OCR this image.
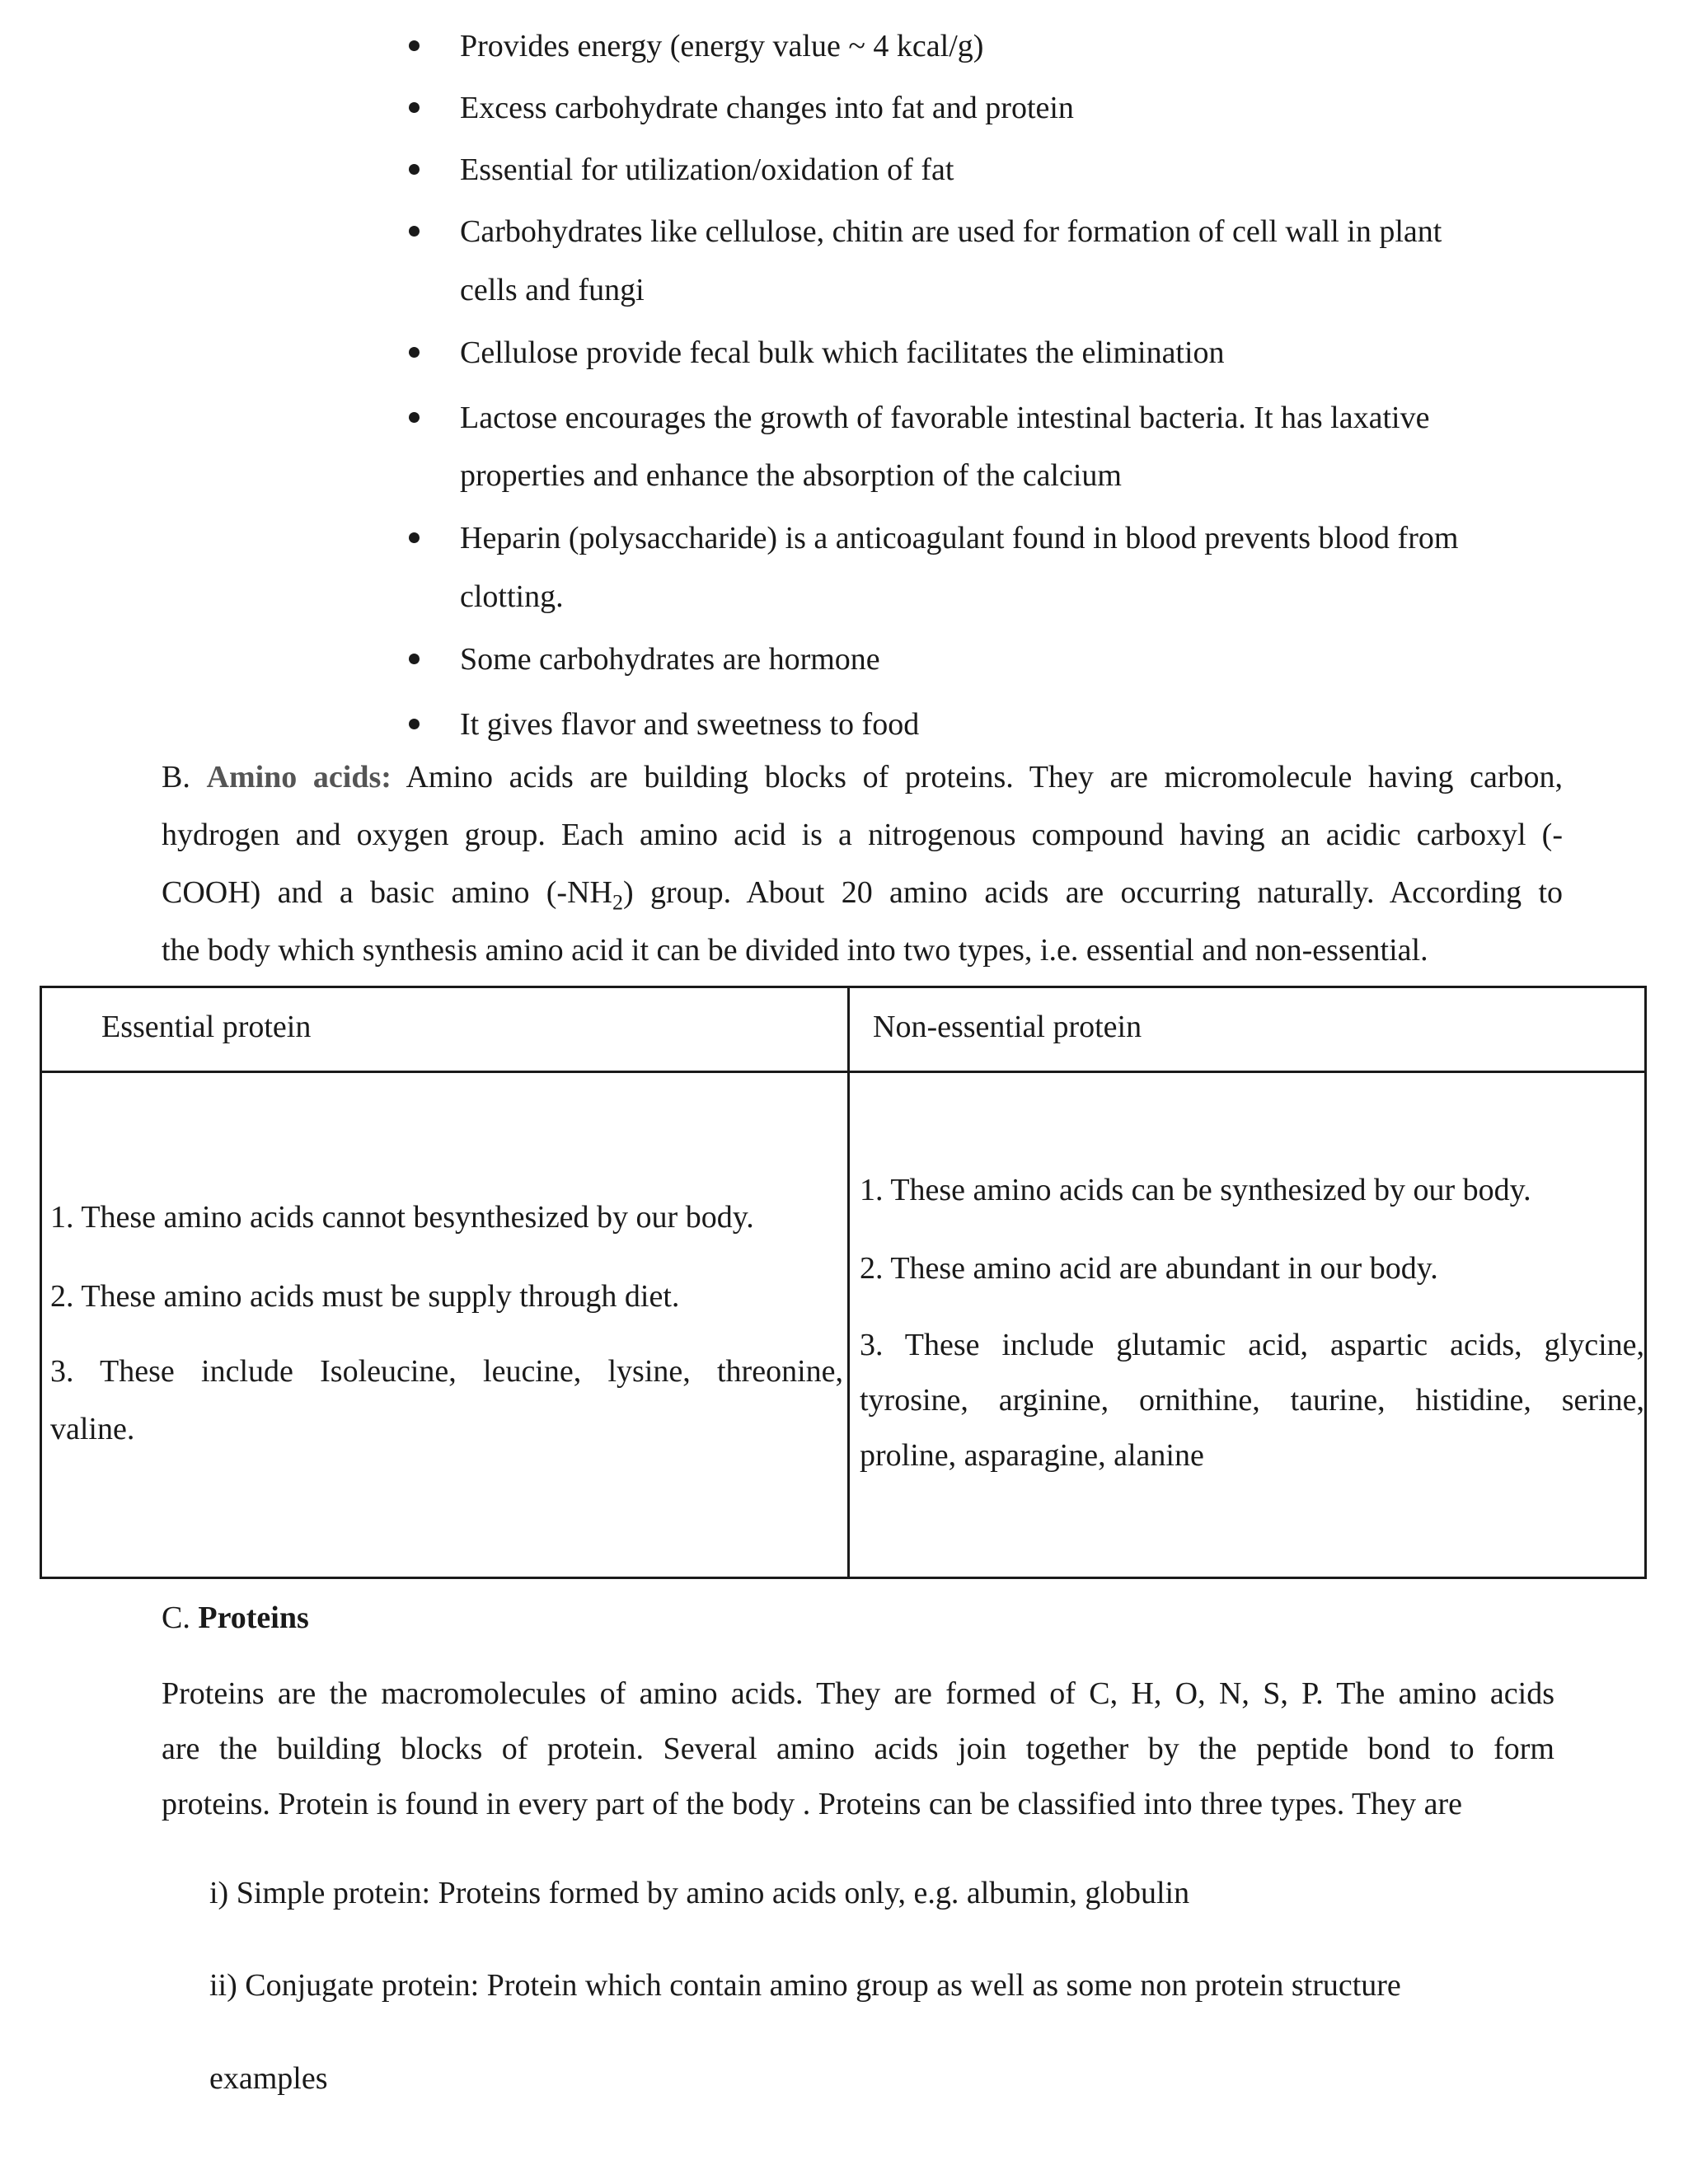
Provides energy (energy value ~ 4 kcal/g)
Excess carbohydrate changes into fat and protein
Essential for utilization/oxidation of fat
Carbohydrates like cellulose, chitin are used for formation of cell wall in plant
cells and fungi
Cellulose provide fecal bulk which facilitates the elimination
Lactose encourages the growth of favorable intestinal bacteria. It has laxative
properties and enhance the absorption of the calcium
Heparin (polysaccharide) is a anticoagulant found in blood prevents blood from
clotting.
Some carbohydrates are hormone
It gives flavor and sweetness to food
B. Amino acids: Amino acids are building blocks of proteins. They are micromolecule having carbon,
hydrogen and oxygen group. Each amino acid is a nitrogenous compound having an acidic carboxyl (-
COOH) and a basic amino $(-NH_2)$ group. About 20 amino acids are occurring naturally. According to
the body which synthesis amino acid it can be divided into two types, i.e. essential and non-essential.
Essential protein	Non-essential protein
1. These amino acids cannot besynthesized by our body.
2. These amino acids must be supply through diet.
3. These include Isoleucine, leucine, lysine, threonine,
valine.
1. These amino acids can be synthesized by our body.
2. These amino acid are abundant in our body.
3. These include glutamic acid, aspartic acids, glycine,
tyrosine, arginine, ornithine, taurine, histidine, serine,
proline, asparagine, alanine
C. Proteins
Proteins are the macromolecules of amino acids. They are formed of C, H, O, N, S, P. The amino acids
are the building blocks of protein. Several amino acids join together by the peptide bond to form
proteins. Protein is found in every part of the body . Proteins can be classified into three types. They are
i) Simple protein: Proteins formed by amino acids only, e.g. albumin, globulin
ii) Conjugate protein: Protein which contain amino group as well as some non protein structure
examples
